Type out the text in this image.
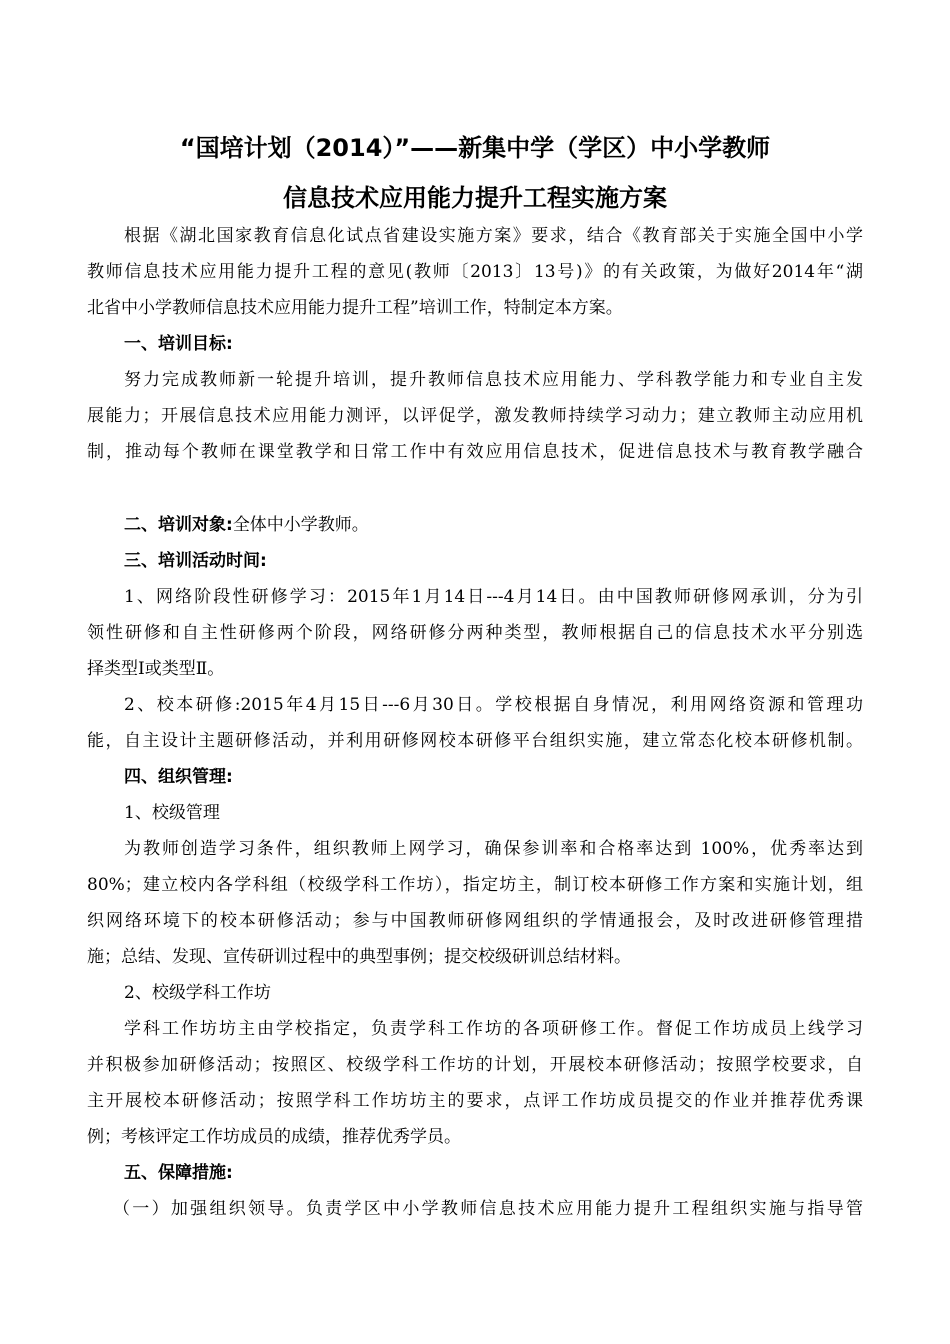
“国培计划（2014）”——新集中学（学区）中小学教师
信息技术应用能力提升工程实施方案
根据《湖北国家教育信息化试点省建设实施方案》要求，结合《教育部关于实施全国中小学
教师信息技术应用能力提升工程的意见(教师〔2013〕13号)》的有关政策，为做好2014年“湖
北省中小学教师信息技术应用能力提升工程”培训工作，特制定本方案。
一、培训目标:
努力完成教师新一轮提升培训，提升教师信息技术应用能力、学科教学能力和专业自主发
展能力；开展信息技术应用能力测评，以评促学，激发教师持续学习动力；建立教师主动应用机
制，推动每个教师在课堂教学和日常工作中有效应用信息技术，促进信息技术与教育教学融合
二、培训对象:全体中小学教师。
三、培训活动时间:
1、网络阶段性研修学习：2015年1月14日---4月14日。由中国教师研修网承训，分为引
领性研修和自主性研修两个阶段，网络研修分两种类型，教师根据自己的信息技术水平分别选
择类型Ⅰ或类型Ⅱ。
2、校本研修:2015年4月15日---6月30日。学校根据自身情况，利用网络资源和管理功
能，自主设计主题研修活动，并利用研修网校本研修平台组织实施，建立常态化校本研修机制。
四、组织管理:
1、校级管理
为教师创造学习条件，组织教师上网学习，确保参训率和合格率达到 100%，优秀率达到
80%；建立校内各学科组（校级学科工作坊），指定坊主，制订校本研修工作方案和实施计划，组
织网络环境下的校本研修活动；参与中国教师研修网组织的学情通报会，及时改进研修管理措
施；总结、发现、宣传研训过程中的典型事例；提交校级研训总结材料。
2、校级学科工作坊
学科工作坊坊主由学校指定，负责学科工作坊的各项研修工作。督促工作坊成员上线学习
并积极参加研修活动；按照区、校级学科工作坊的计划，开展校本研修活动；按照学校要求，自
主开展校本研修活动；按照学科工作坊坊主的要求，点评工作坊成员提交的作业并推荐优秀课
例；考核评定工作坊成员的成绩，推荐优秀学员。
五、保障措施:
（一）加强组织领导。负责学区中小学教师信息技术应用能力提升工程组织实施与指导管
